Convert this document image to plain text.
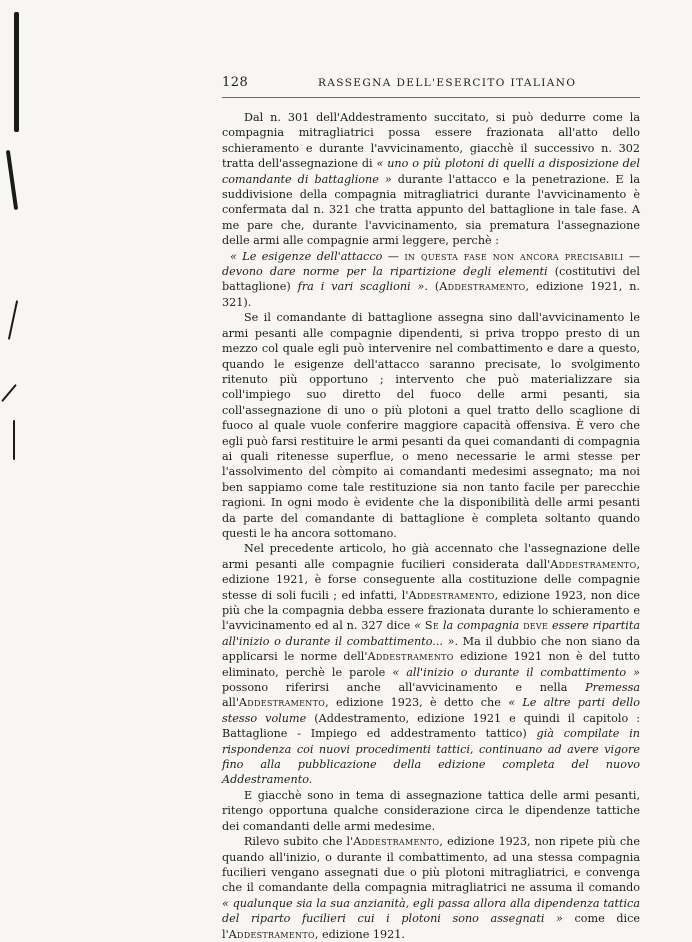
128	RASSEGNA DELL'ESERCITO ITALIANO

Dal n. 301 dell'Addestramento succitato, si può dedurre come la compagnia mitragliatrici possa essere frazionata all'atto dello schieramento e durante l'avvicinamento, giacchè il successivo n. 302 tratta dell'assegnazione di « uno o più plotoni di quelli a disposizione del comandante di battaglione » durante l'attacco e la penetrazione. E la suddivisione della compagnia mitragliatrici durante l'avvicinamento è confermata dal n. 321 che tratta appunto del battaglione in tale fase. A me pare che, durante l'avvicinamento, sia prematura l'assegnazione delle armi alle compagnie armi leggere, perchè :

« Le esigenze dell'attacco — in questa fase non ancora precisabili — devono dare norme per la ripartizione degli elementi (costitutivi del battaglione) fra i vari scaglioni ». (Addestramento, edizione 1921, n. 321).

Se il comandante di battaglione assegna sino dall'avvicinamento le armi pesanti alle compagnie dipendenti, si priva troppo presto di un mezzo col quale egli può intervenire nel combattimento e dare a questo, quando le esigenze dell'attacco saranno precisate, lo svolgimento ritenuto più opportuno ; intervento che può materializzare sia coll'impiego suo diretto del fuoco delle armi pesanti, sia coll'assegnazione di uno o più plotoni a quel tratto dello scaglione di fuoco al quale vuole conferire maggiore capacità offensiva. È vero che egli può farsi restituire le armi pesanti da quei comandanti di compagnia ai quali ritenesse superflue, o meno necessarie le armi stesse per l'assolvimento del còmpito ai comandanti medesimi assegnato; ma noi ben sappiamo come tale restituzione sia non tanto facile per parecchie ragioni. In ogni modo è evidente che la disponibilità delle armi pesanti da parte del comandante di battaglione è completa soltanto quando questi le ha ancora sottomano.

Nel precedente articolo, ho già accennato che l'assegnazione delle armi pesanti alle compagnie fucilieri considerata dall'Addestramento, edizione 1921, è forse conseguente alla costituzione delle compagnie stesse di soli fucili ; ed infatti, l'Addestramento, edizione 1923, non dice più che la compagnia debba essere frazionata durante lo schieramento e l'avvicinamento ed al n. 327 dice « Se la compagnia deve essere ripartita all'inizio o durante il combattimento... ». Ma il dubbio che non siano da applicarsi le norme dell'Addestramento edizione 1921 non è del tutto eliminato, perchè le parole « all'inizio o durante il combattimento » possono riferirsi anche all'avvicinamento e nella Premessa all'Addestramento, edizione 1923, è detto che « Le altre parti dello stesso volume (Addestramento, edizione 1921 e quindi il capitolo : Battaglione - Impiego ed addestramento tattico) già compilate in rispondenza coi nuovi procedimenti tattici, continuano ad avere vigore fino alla pubblicazione della edizione completa del nuovo Addestramento.

E giacchè sono in tema di assegnazione tattica delle armi pesanti, ritengo opportuna qualche considerazione circa le dipendenze tattiche dei comandanti delle armi medesime.

Rilevo subito che l'Addestramento, edizione 1923, non ripete più che quando all'inizio, o durante il combattimento, ad una stessa compagnia fucilieri vengano assegnati due o più plotoni mitragliatrici, e convenga che il comandante della compagnia mitragliatrici ne assuma il comando « qualunque sia la sua anzianità, egli passa allora alla dipendenza tattica del riparto fucilieri cui i plotoni sono assegnati » come dice l'Addestramento, edizione 1921.
